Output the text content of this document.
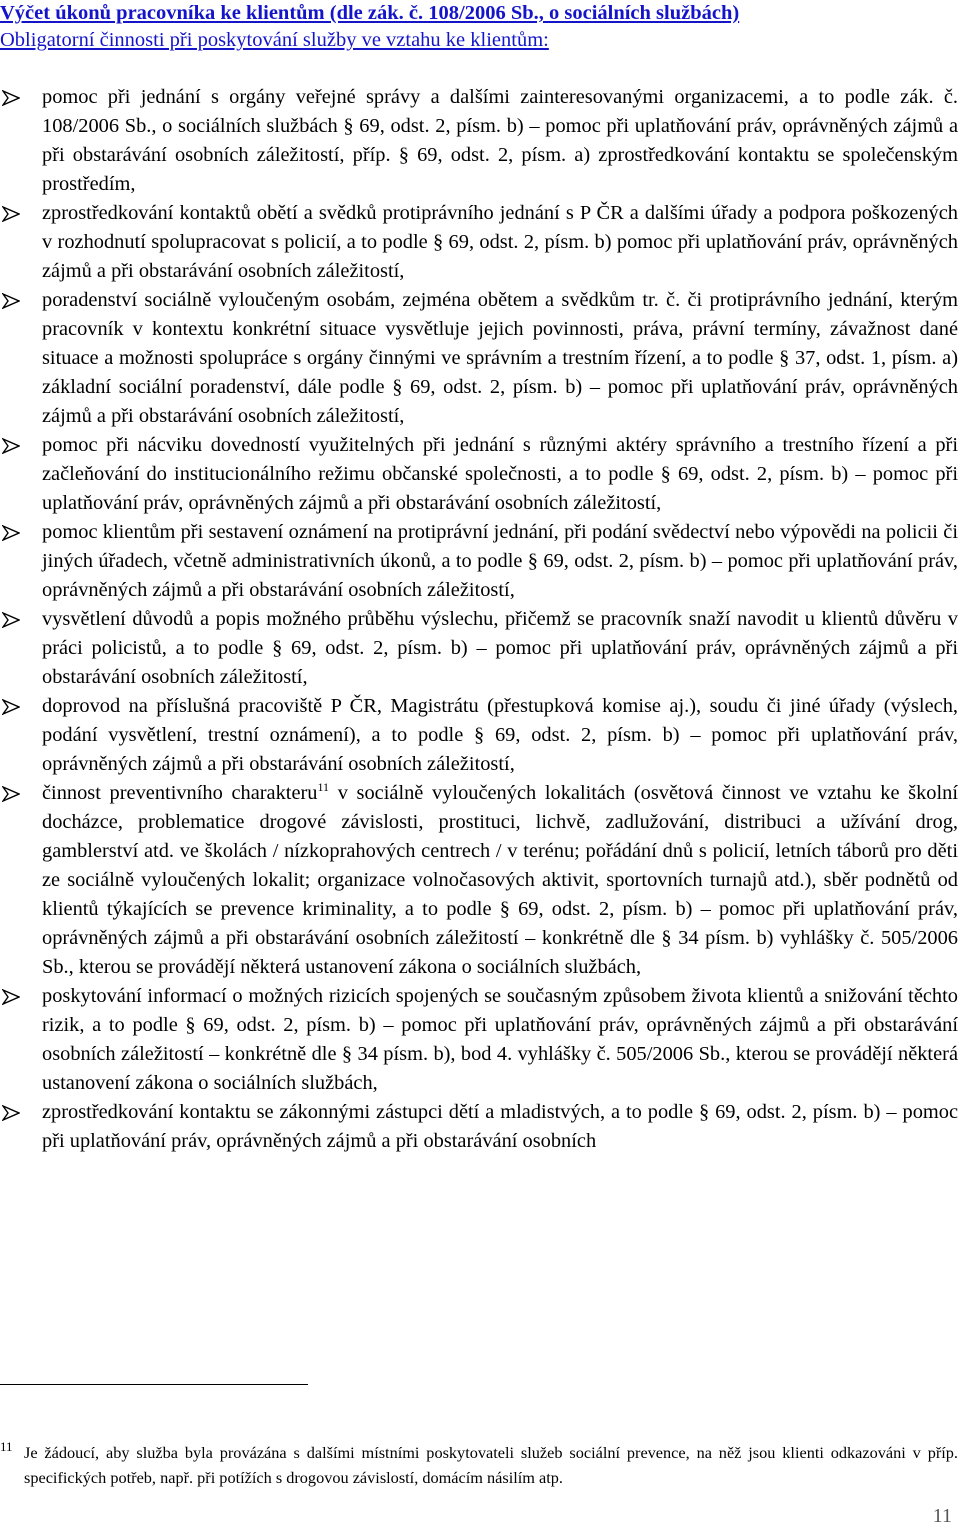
Výčet úkonů pracovníka ke klientům (dle zák. č. 108/2006 Sb., o sociálních službách)
Obligatorní činnosti při poskytování služby ve vztahu ke klientům:
pomoc při jednání s orgány veřejné správy a dalšími zainteresovanými organizacemi, a to podle zák. č. 108/2006 Sb., o sociálních službách § 69, odst. 2, písm. b) – pomoc při uplatňování práv, oprávněných zájmů a při obstarávání osobních záležitostí, příp. § 69, odst. 2, písm. a) zprostředkování kontaktu se společenským prostředím,
zprostředkování kontaktů obětí a svědků protiprávního jednání s P ČR a dalšími úřady a podpora poškozených v rozhodnutí spolupracovat s policií, a to podle § 69, odst. 2, písm. b) pomoc při uplatňování práv, oprávněných zájmů a při obstarávání osobních záležitostí,
poradenství sociálně vyloučeným osobám, zejména obětem a svědkům tr. č. či protiprávního jednání, kterým pracovník v kontextu konkrétní situace vysvětluje jejich povinnosti, práva, právní termíny, závažnost dané situace a možnosti spolupráce s orgány činnými ve správním a trestním řízení, a to podle § 37, odst. 1, písm. a) základní sociální poradenství, dále podle § 69, odst. 2, písm. b) – pomoc při uplatňování práv, oprávněných zájmů a při obstarávání osobních záležitostí,
pomoc při nácviku dovedností využitelných při jednání s různými aktéry správního a trestního řízení a při začleňování do institucionálního režimu občanské společnosti, a to podle § 69, odst. 2, písm. b) – pomoc při uplatňování práv, oprávněných zájmů a při obstarávání osobních záležitostí,
pomoc klientům při sestavení oznámení na protiprávní jednání, při podání svědectví nebo výpovědi na policii či jiných úřadech, včetně administrativních úkonů, a to podle § 69, odst. 2, písm. b) – pomoc při uplatňování práv, oprávněných zájmů a při obstarávání osobních záležitostí,
vysvětlení důvodů a popis možného průběhu výslechu, přičemž se pracovník snaží navodit u klientů důvěru v práci policistů, a to podle § 69, odst. 2, písm. b) – pomoc při uplatňování práv, oprávněných zájmů a při obstarávání osobních záležitostí,
doprovod na příslušná pracoviště P ČR, Magistrátu (přestupková komise aj.), soudu či jiné úřady (výslech, podání vysvětlení, trestní oznámení), a to podle § 69, odst. 2, písm. b) – pomoc při uplatňování práv, oprávněných zájmů a při obstarávání osobních záležitostí,
činnost preventivního charakteru$^{11}$ v sociálně vyloučených lokalitách (osvětová činnost ve vztahu ke školní docházce, problematice drogové závislosti, prostituci, lichvě, zadlužování, distribuci a užívání drog, gamblerství atd. ve školách / nízkoprahových centrech / v terénu; pořádání dnů s policií, letních táborů pro děti ze sociálně vyloučených lokalit; organizace volnočasových aktivit, sportovních turnajů atd.), sběr podnětů od klientů týkajících se prevence kriminality, a to podle § 69, odst. 2, písm. b) – pomoc při uplatňování práv, oprávněných zájmů a při obstarávání osobních záležitostí – konkrétně dle § 34 písm. b) vyhlášky č. 505/2006 Sb., kterou se provádějí některá ustanovení zákona o sociálních službách,
poskytování informací o možných rizicích spojených se současným způsobem života klientů a snižování těchto rizik, a to podle § 69, odst. 2, písm. b) – pomoc při uplatňování práv, oprávněných zájmů a při obstarávání osobních záležitostí – konkrétně dle § 34 písm. b), bod 4. vyhlášky č. 505/2006 Sb., kterou se provádějí některá ustanovení zákona o sociálních službách,
zprostředkování kontaktu se zákonnými zástupci dětí a mladistvých, a to podle § 69, odst. 2, písm. b) – pomoc při uplatňování práv, oprávněných zájmů a při obstarávání osobních
11 Je žádoucí, aby služba byla provázána s dalšími místními poskytovateli služeb sociální prevence, na něž jsou klienti odkazováni v příp. specifických potřeb, např. při potížích s drogovou závislostí, domácím násilím atp.
11
